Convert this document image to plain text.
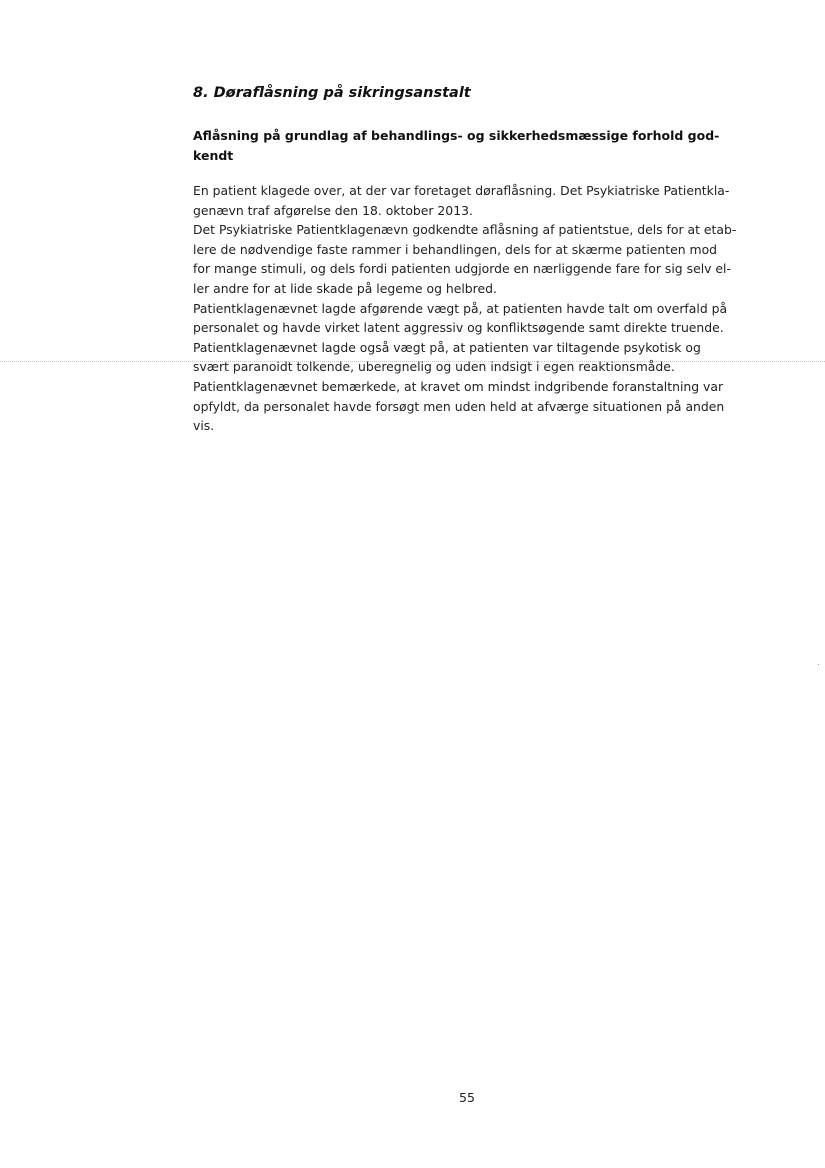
8. Døraflåsning på sikringsanstalt
Aflåsning på grundlag af behandlings- og sikkerhedsmæssige forhold god-
kendt
En patient klagede over, at der var foretaget døraflåsning. Det Psykiatriske Patientkla-
genævn traf afgørelse den 18. oktober 2013.
Det Psykiatriske Patientklagenævn godkendte aflåsning af patientstue, dels for at etab-
lere de nødvendige faste rammer i behandlingen, dels for at skærme patienten mod
for mange stimuli, og dels fordi patienten udgjorde en nærliggende fare for sig selv el-
ler andre for at lide skade på legeme og helbred.
Patientklagenævnet lagde afgørende vægt på, at patienten havde talt om overfald på
personalet og havde virket latent aggressiv og konfliktsøgende samt direkte truende.
Patientklagenævnet lagde også vægt på, at patienten var tiltagende psykotisk og
svært paranoidt tolkende, uberegnelig og uden indsigt i egen reaktionsmåde.
Patientklagenævnet bemærkede, at kravet om mindst indgribende foranstaltning var
opfyldt, da personalet havde forsøgt men uden held at afværge situationen på anden
vis.
55
